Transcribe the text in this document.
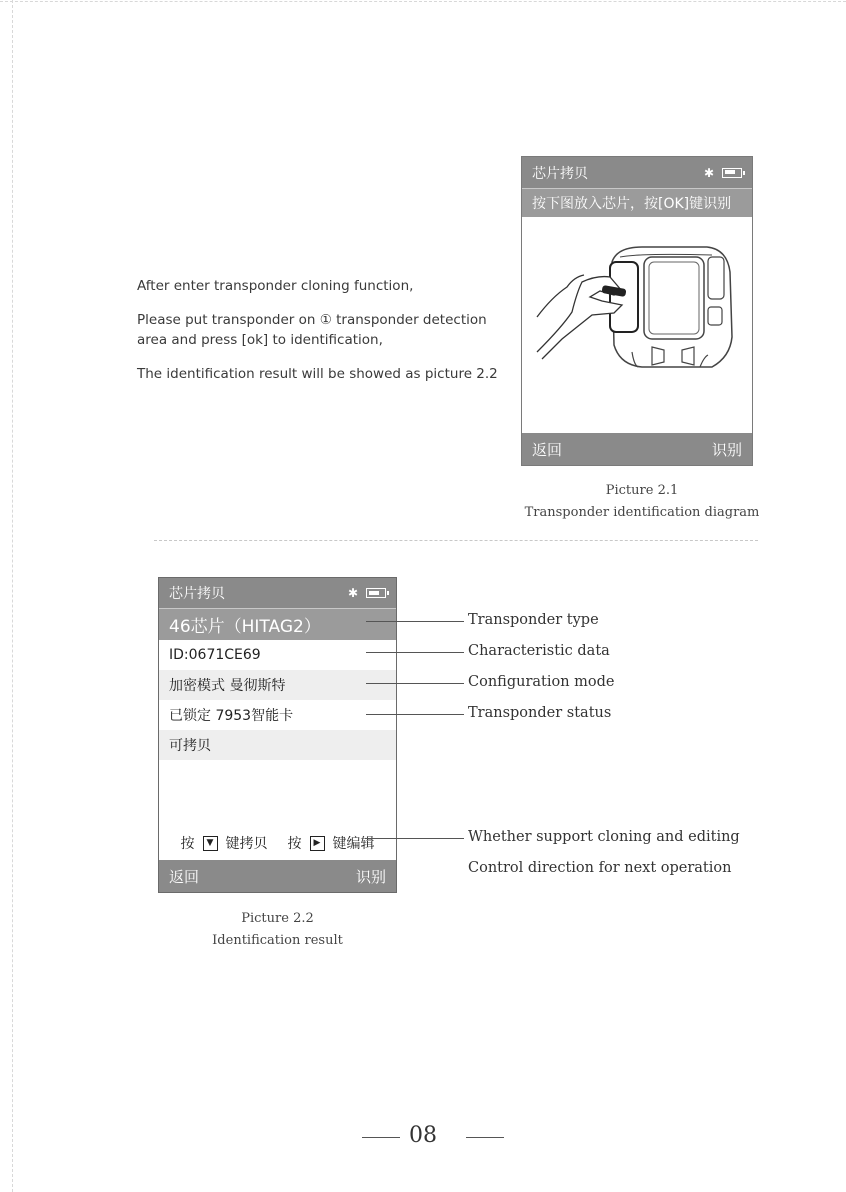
After enter transponder cloning function,

Please put transponder on ① transponder detection area and press [ok] to identification,

The identification result will be showed as picture 2.2

芯片拷贝	✱
按下图放入芯片，按[OK]键识别
返回	识别
Picture 2.1
Transponder identification diagram
芯片拷贝	✱
46芯片（HITAG2）
ID:0671CE69
加密模式 曼彻斯特
已锁定 7953智能卡
可拷贝
按	▼ 键拷贝 按	▶ 键编辑
返回	识别
Transponder type
Characteristic data
Configuration mode
Transponder status
Whether support cloning and editing
Control direction for next operation
Picture 2.2
Identification result
08
